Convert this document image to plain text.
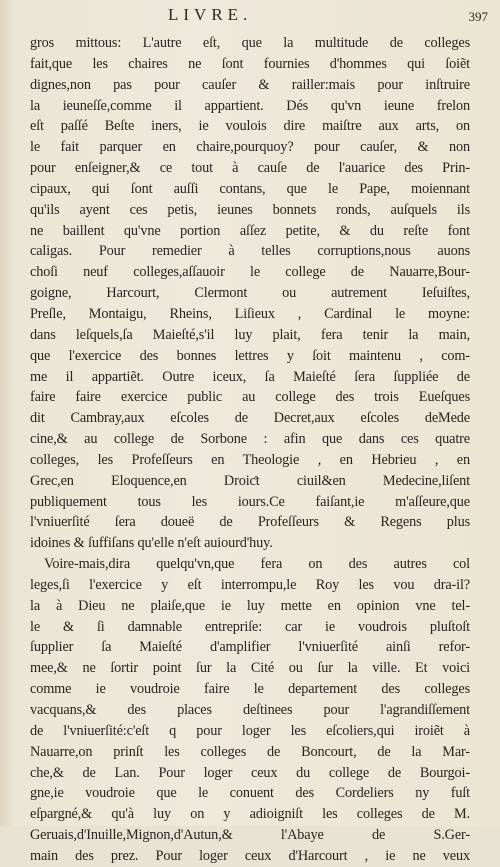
LIVRE.	397
gros mittous: L'autre eſt, que la multitude de colleges
fait,que les chaires ne ſont fournies d'hommes qui ſoiẽt
dignes,non pas pour cauſer & railler:mais pour inſtruire
la ieuneſſe,comme il appartient. Dés qu'vn ieune frelon
eſt paſſé Beſte iners, ie voulois dire maiſtre aux arts, on
le fait parquer en chaire,pourquoy? pour cauſer, & non
pour enſeigner,& ce tout à cauſe de l'auarice des Prin-
cipaux, qui ſont auſſi contans, que le Pape, moiennant
qu'ils ayent ces petis, ieunes bonnets ronds, auſquels ils
ne baillent qu'vne portion aſſez petite, & du reſte font
caligas. Pour remedier à telles corruptions,nous auons
choſi neuf colleges,aſſauoir le college de Nauarre,Bour-
goigne, Harcourt, Clermont ou autrement Ieſuiſtes,
Preſle, Montaigu, Rheins, Liſieux , Cardinal le moyne:
dans leſquels,ſa Maieſté,s'il luy plait, fera tenir la main,
que l'exercice des bonnes lettres y ſoit maintenu , com-
me il appartiẽt. Outre iceux, ſa Maieſté ſera ſuppliée de
faire faire exercice public au college des trois Eueſques
dit Cambray,aux eſcoles de Decret,aux eſcoles deMede
cine,& au college de Sorbone : afin que dans ces quatre
colleges, les Profeſſeurs en Theologie , en Hebrieu , en
Grec,en Eloquence,en Droiƈt ciuil&en Medecine,liſent
publiquement tous les iours.Ce faiſant,ie m'aſſeure,que
l'vniuerſité ſera doueë de Profeſſeurs & Regens plus
idoines & ſuffiſans qu'elle n'eſt auiourd'huy.
Voire-mais,dira quelqu'vn,que fera on des autres col
leges,ſi l'exercice y eſt interrompu,le Roy les vou dra-il?
la à Dieu ne plaiſe,que ie luy mette en opinion vne tel-
le & ſi damnable entrepriſe: car ie voudrois pluſtoſt
ſupplier ſa Maieſté d'amplifier l'vniuerſité ainſi refor-
mee,& ne ſortir point ſur la Cité ou ſur la ville. Et voici
comme ie voudroie faire le departement des colleges
vacquans,& des places deſtinees pour l'agrandiſſement
de l'vniuerſité:c'eſt q pour loger les eſcoliers,qui iroiẽt à
Nauarre,on prinſt les colleges de Boncourt, de la Mar-
che,& de Lan. Pour loger ceux du college de Bourgoi-
gne,ie voudroie que le conuent des Cordeliers ny fuſt
eſpargné,& qu'à luy on y adioigniſt les colleges de M.
Geruais,d'Inuille,Mignon,d'Autun,& l'Abaye de S.Ger-
main des prez. Pour loger ceux d'Harcourt , ie ne veux
